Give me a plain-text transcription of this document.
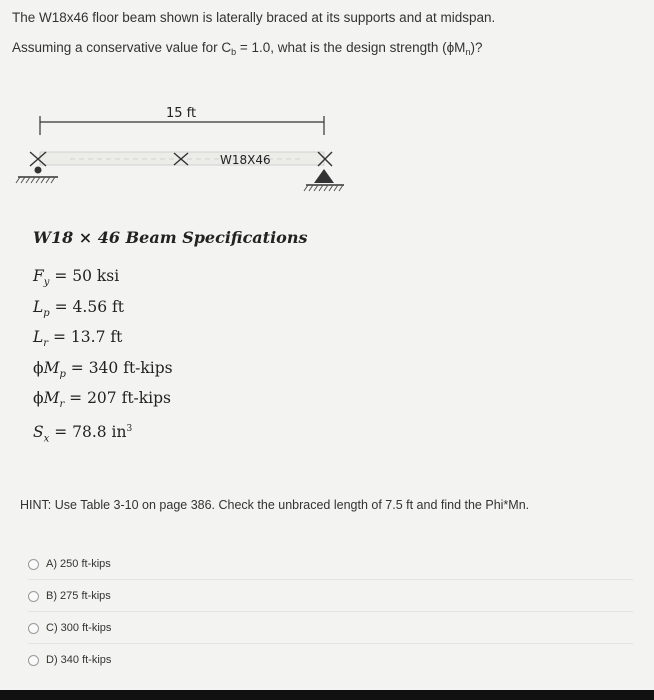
The W18x46 floor beam shown is laterally braced at its supports and at midspan.
Assuming a conservative value for $C_b = 1.0$, what is the design strength $(\phi M_n)$?
15 ft
W18X46
W18 × 46 Beam Specifications
$F_y = 50$ ksi
$L_p = 4.56$ ft
$L_r = 13.7$ ft
$\phi M_p = 340$ ft-kips
$\phi M_r = 207$ ft-kips
$S_x = 78.8$ $in^3$
HINT: Use Table 3-10 on page 386. Check the unbraced length of 7.5 ft and find the Phi*Mn.
A) 250 ft-kips
B) 275 ft-kips
C) 300 ft-kips
D) 340 ft-kips
